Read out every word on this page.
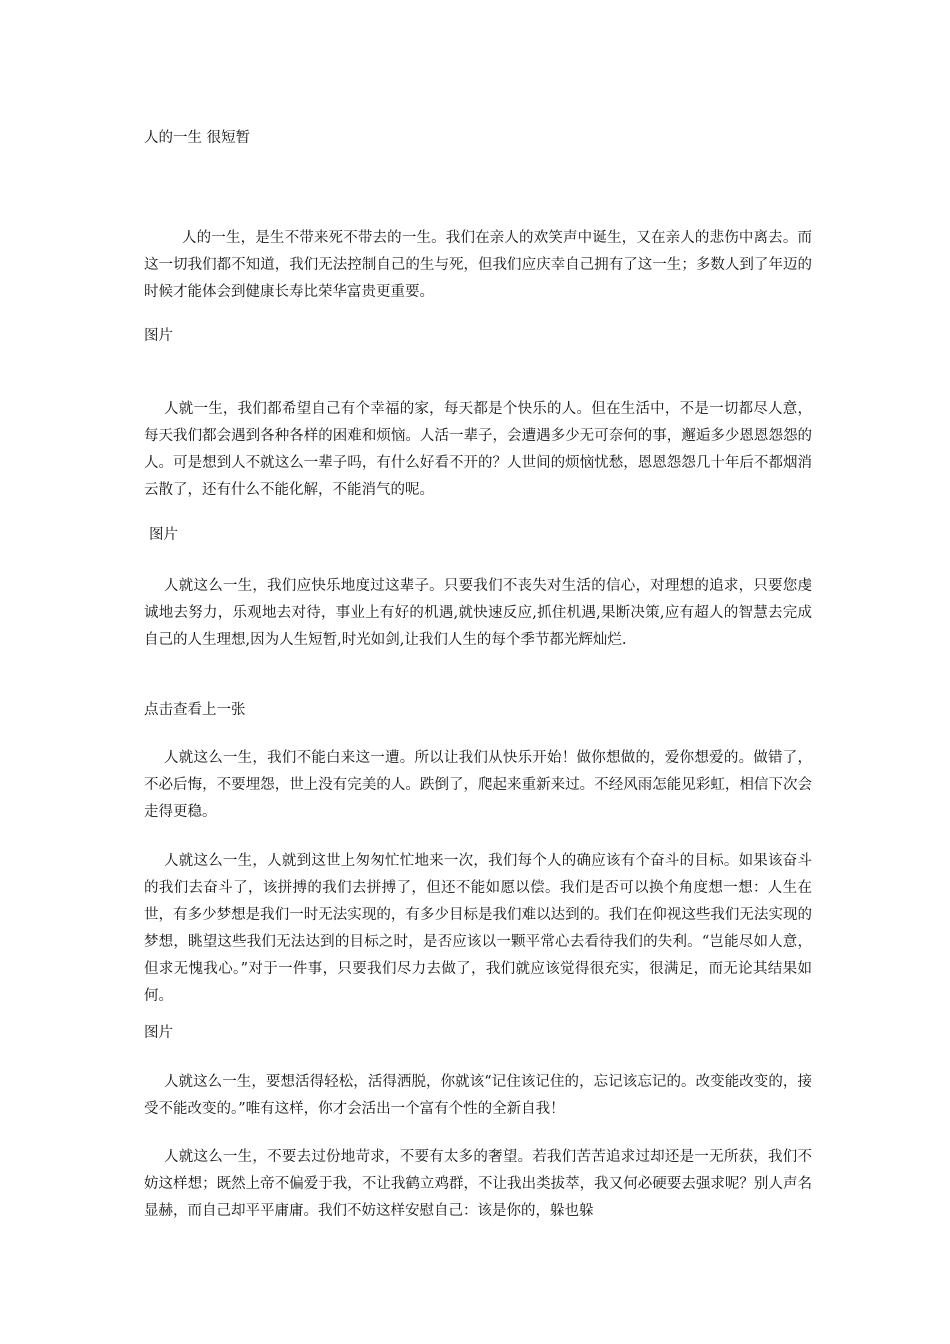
人的一生 很短暂

人的一生，是生不带来死不带去的一生。我们在亲人的欢笑声中诞生，又在亲人的悲伤中离去。而这一切我们都不知道，我们无法控制自己的生与死，但我们应庆幸自己拥有了这一生；多数人到了年迈的时候才能体会到健康长寿比荣华富贵更重要。

图片

人就一生，我们都希望自己有个幸福的家，每天都是个快乐的人。但在生活中，不是一切都尽人意，每天我们都会遇到各种各样的困难和烦恼。人活一辈子，会遭遇多少无可奈何的事，邂逅多少恩恩怨怨的人。可是想到人不就这么一辈子吗，有什么好看不开的？人世间的烦恼忧愁，恩恩怨怨几十年后不都烟消云散了，还有什么不能化解，不能消气的呢。

图片

人就这么一生，我们应快乐地度过这辈子。只要我们不丧失对生活的信心，对理想的追求，只要您虔诚地去努力，乐观地去对待，事业上有好的机遇,就快速反应,抓住机遇,果断决策,应有超人的智慧去完成自己的人生理想,因为人生短暂,时光如剑,让我们人生的每个季节都光辉灿烂.

点击查看上一张

人就这么一生，我们不能白来这一遭。所以让我们从快乐开始！做你想做的，爱你想爱的。做错了，不必后悔，不要埋怨，世上没有完美的人。跌倒了，爬起来重新来过。不经风雨怎能见彩虹，相信下次会走得更稳。

人就这么一生，人就到这世上匆匆忙忙地来一次，我们每个人的确应该有个奋斗的目标。如果该奋斗的我们去奋斗了，该拼搏的我们去拼搏了，但还不能如愿以偿。我们是否可以换个角度想一想：人生在世，有多少梦想是我们一时无法实现的，有多少目标是我们难以达到的。我们在仰视这些我们无法实现的梦想，眺望这些我们无法达到的目标之时，是否应该以一颗平常心去看待我们的失利。“岂能尽如人意，但求无愧我心。”对于一件事，只要我们尽力去做了，我们就应该觉得很充实，很满足，而无论其结果如何。

图片

人就这么一生，要想活得轻松，活得洒脱，你就该“记住该记住的，忘记该忘记的。改变能改变的，接受不能改变的。”唯有这样，你才会活出一个富有个性的全新自我！

人就这么一生，不要去过份地苛求，不要有太多的奢望。若我们苦苦追求过却还是一无所获，我们不妨这样想；既然上帝不偏爱于我，不让我鹤立鸡群，不让我出类拔萃，我又何必硬要去强求呢？别人声名显赫，而自己却平平庸庸。我们不妨这样安慰自己：该是你的，躲也躲
